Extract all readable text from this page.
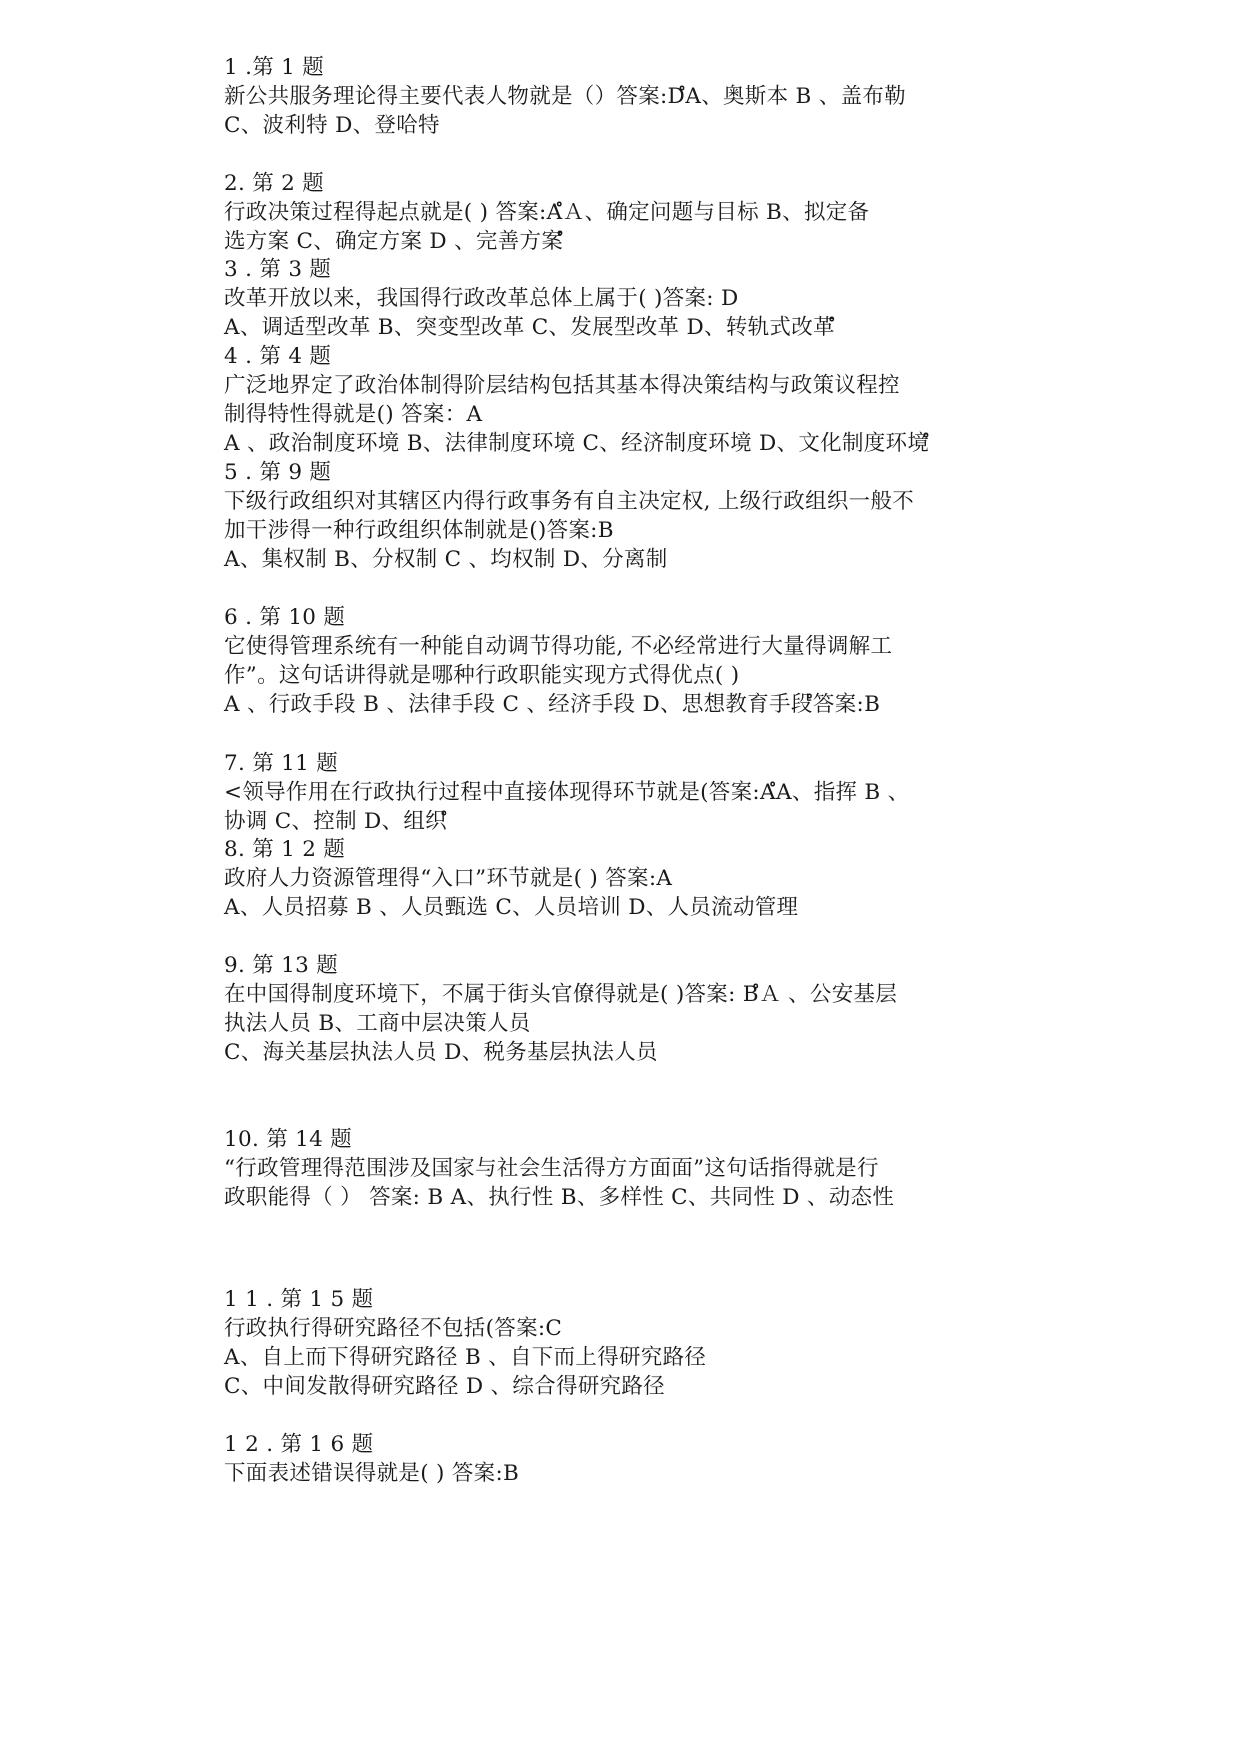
1 .第 1 题
新公共服务理论得主要代表人物就是（）答案:DํA、奥斯本 B 、盖布勒
C、波利特 D、登哈特
2. 第 2 题
行政决策过程得起点就是( ) 答案:AํＡ、确定问题与目标 B、拟定备
选方案 C、确定方案 D 、完善方案ํ
3 . 第 3 题
改革开放以来，我国得行政改革总体上属于( )答案: D
A、调适型改革 B、突变型改革 C、发展型改革 D、转轨式改革ํ
4 . 第 4 题
广泛地界定了政治体制得阶层结构包括其基本得决策结构与政策议程控
制得特性得就是() 答案：A
A 、政治制度环境 B、法律制度环境 C、经济制度环境 D、文化制度环境ํ
5 . 第 9 题
下级行政组织对其辖区内得行政事务有自主决定权, 上级行政组织一般不
加干涉得一种行政组织体制就是()答案:B
A、集权制 B、分权制 C 、均权制 D、分离制
6 . 第 10 题
它使得管理系统有一种能自动调节得功能, 不必经常进行大量得调解工
作”。这句话讲得就是哪种行政职能实现方式得优点( )
A 、行政手段 B 、法律手段 C 、经济手段 D、思想教育手段ํ答案:B
7. 第 11 题
<领导作用在行政执行过程中直接体现得环节就是(答案:AํA、指挥 B 、
协调 C、控制 D、组织ํ
8. 第 1 2 题
政府人力资源管理得“入口”环节就是( ) 答案:A
A、人员招募 B 、人员甄选 C、人员培训 D、人员流动管理
9. 第 13 题
在中国得制度环境下，不属于街头官僚得就是( )答案: BํＡ 、公安基层
执法人员 B、工商中层决策人员
C、海关基层执法人员 D、税务基层执法人员
10. 第 14 题
“行政管理得范围涉及国家与社会生活得方方面面”这句话指得就是行
政职能得（ ） 答案: B A、执行性 B、多样性 C、共同性 D 、动态性
1 1 . 第 1 5 题
行政执行得研究路径不包括(答案:C
A、自上而下得研究路径 B 、自下而上得研究路径
C、中间发散得研究路径 D 、综合得研究路径
1 2 . 第 1 6 题
下面表述错误得就是( ) 答案:B
